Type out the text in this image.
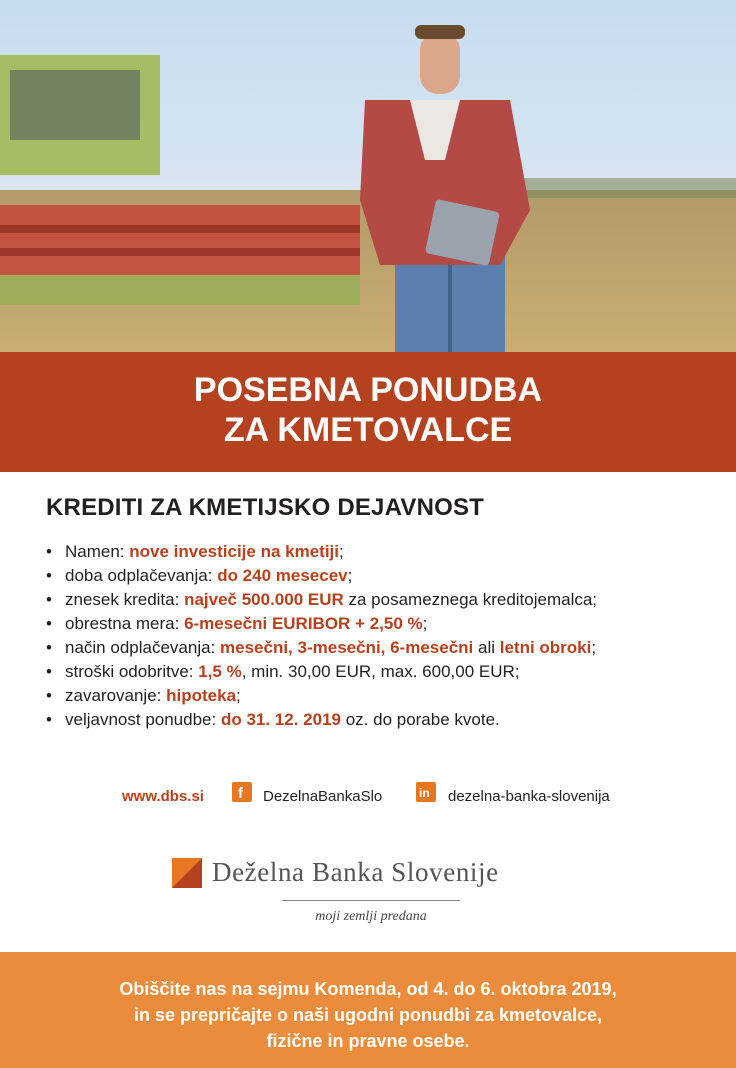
POSEBNA PONUDBA
ZA KMETOVALCE
KREDITI ZA KMETIJSKO DEJAVNOST
• Namen: nove investicije na kmetiji;
• doba odplačevanja: do 240 mesecev;
• znesek kredita: največ 500.000 EUR za posameznega kreditojemalca;
• obrestna mera: 6-mesečni EURIBOR + 2,50 %;
• način odplačevanja: mesečni, 3-mesečni, 6-mesečni ali letni obroki;
• stroški odobritve: 1,5 %, min. 30,00 EUR, max. 600,00 EUR;
• zavarovanje: hipoteka;
• veljavnost ponudbe: do 31. 12. 2019 oz. do porabe kvote.
www.dbs.si f DezelnaBankaSlo	in dezelna-banka-slovenija
Deželna Banka Slovenije
moji zemlji predana
Obiščite nas na sejmu Komenda, od 4. do 6. oktobra 2019,
in se prepričajte o naši ugodni ponudbi za kmetovalce,
fizične in pravne osebe.
